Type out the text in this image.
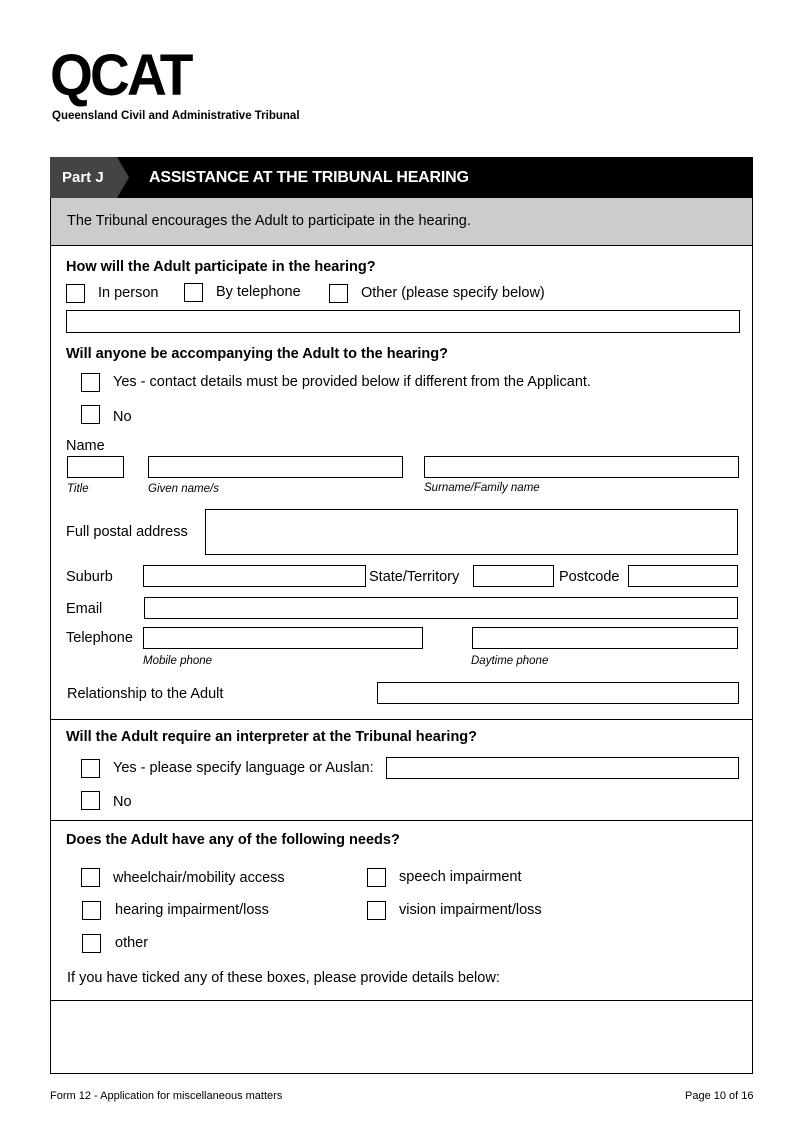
QCAT
Queensland Civil and Administrative Tribunal
Part J	ASSISTANCE AT THE TRIBUNAL HEARING
The Tribunal encourages the Adult to participate in the hearing.
How will the Adult participate in the hearing?
In person	By telephone	Other (please specify below)
Will anyone be accompanying the Adult to the hearing?
Yes - contact details must be provided below if different from the Applicant.
No
Name
Title	Given name/s	Surname/Family name
Full postal address
Suburb	State/Territory	Postcode
Email
Telephone
Mobile phone	Daytime phone
Relationship to the Adult
Will the Adult require an interpreter at the Tribunal hearing?
Yes - please specify language or Auslan:
No
Does the Adult have any of the following needs?
wheelchair/mobility access	speech impairment
hearing impairment/loss	vision impairment/loss
other
If you have ticked any of these boxes, please provide details below:
Form 12 - Application for miscellaneous matters	Page 10 of 16
